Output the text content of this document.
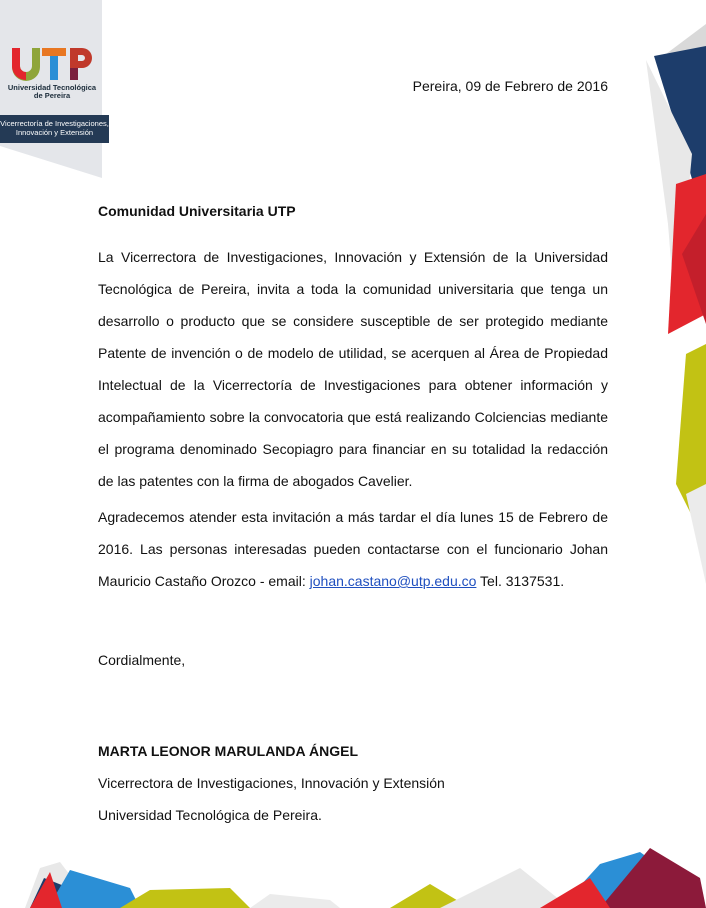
Universidad Tecnológica de Pereira
Vicerrectoría de Investigaciones, Innovación y Extensión
Pereira, 09 de Febrero de 2016

Comunidad Universitaria UTP

La Vicerrectora de Investigaciones, Innovación y Extensión de la Universidad Tecnológica de Pereira, invita a toda la comunidad universitaria que tenga un desarrollo o producto que se considere susceptible de ser protegido mediante Patente de invención o de modelo de utilidad, se acerquen al Área de Propiedad Intelectual de la Vicerrectoría de Investigaciones para obtener información y acompañamiento sobre la convocatoria que está realizando Colciencias mediante el programa denominado Secopiagro para financiar en su totalidad la redacción de las patentes con la firma de abogados Cavelier.

Agradecemos atender esta invitación a más tardar el día lunes 15 de Febrero de 2016. Las personas interesadas pueden contactarse con el funcionario Johan Mauricio Castaño Orozco - email: johan.castano@utp.edu.co Tel. 3137531.

Cordialmente,
MARTA LEONOR MARULANDA ÁNGEL
Vicerrectora de Investigaciones, Innovación y Extensión
Universidad Tecnológica de Pereira.
